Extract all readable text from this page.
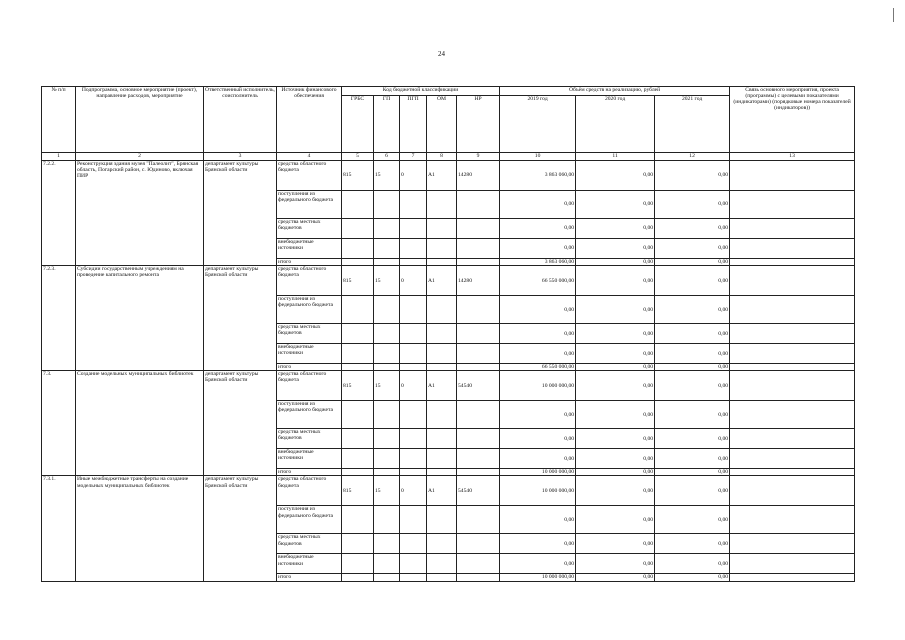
24
№ п/п	Подпрограмма, основное мероприятие (проект), направление расходов, мероприятие	Ответственный исполнитель, соисполнитель	Источник финансового обеспечения	Код бюджетной классификации					Объём средств на реализацию, рублей			Связь основного мероприятия, проекта (программы) с целевыми показателями (индикаторами) (порядковые номера показателей (индикаторов))
				ГРБС	ГП	ПГП	ОМ	НР	2019 год	2020 год	2021 год	
1	2	3	4	5	6	7	8	9	10	11	12	13
7.2.2.	Реконструкция здания музея "Палеолит", Брянская область, Погарский район, с. Юдиново, включая ПИР	департамент культуры Брянской области	средства областного бюджета	815	15	0	А1	14280	3 863 060,00	0,00	0,00	
			поступления из федерального бюджета						0,00	0,00	0,00	
			средства местных бюджетов						0,00	0,00	0,00	
			внебюджетные источники						0,00	0,00	0,00	
			итого						3 863 060,00	0,00	0,00	
7.2.3.	Субсидии государственным учреждениям на проведение капитального ремонта	департамент культуры Брянской области	средства областного бюджета	815	15	0	А1	14280	66 550 000,00	0,00	0,00	
			поступления из федерального бюджета						0,00	0,00	0,00	
			средства местных бюджетов						0,00	0,00	0,00	
			внебюджетные источники						0,00	0,00	0,00	
			итого						66 550 000,00	0,00	0,00	
7.3.	Создание модельных муниципальных библиотек	департамент культуры Брянской области	средства областного бюджета	815	15	0	А1	54540	10 000 000,00	0,00	0,00	
			поступления из федерального бюджета						0,00	0,00	0,00	
			средства местных бюджетов						0,00	0,00	0,00	
			внебюджетные источники						0,00	0,00	0,00	
			итого						10 000 000,00	0,00	0,00	
7.3.1.	Иные межбюджетные трансферты на создание модельных муниципальных библиотек	департамент культуры Брянской области	средства областного бюджета	815	15	0	А1	54540	10 000 000,00	0,00	0,00	
			поступления из федерального бюджета						0,00	0,00	0,00	
			средства местных бюджетов						0,00	0,00	0,00	
			внебюджетные источники						0,00	0,00	0,00	
			итого						10 000 000,00	0,00	0,00	
